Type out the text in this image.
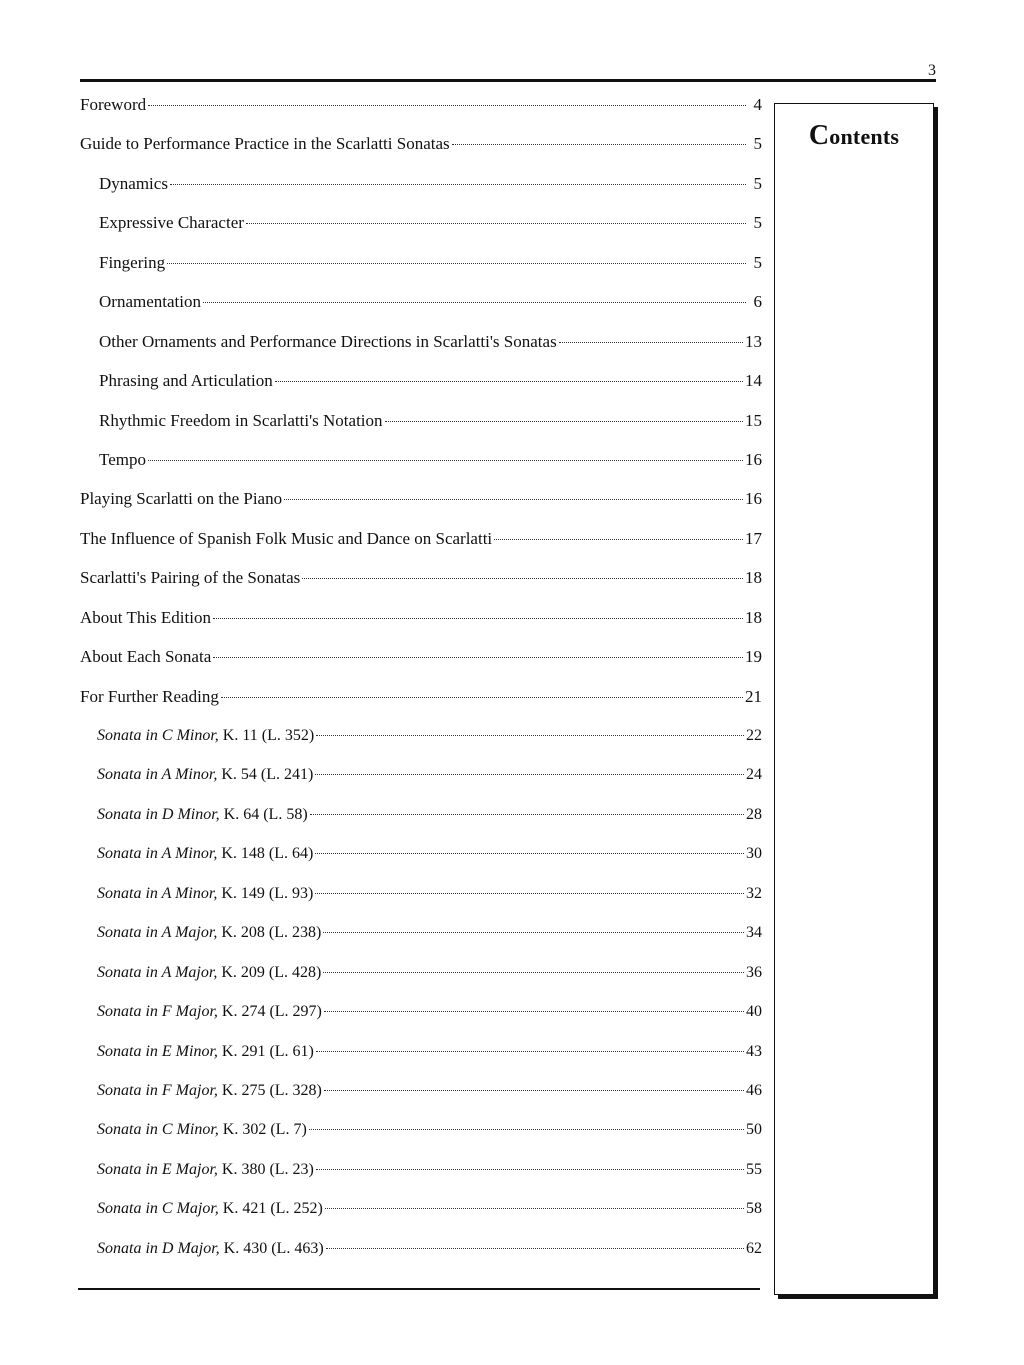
3
Contents
Foreword	4
Guide to Performance Practice in the Scarlatti Sonatas	5
Dynamics	5
Expressive Character	5
Fingering	5
Ornamentation	6
Other Ornaments and Performance Directions in Scarlatti's Sonatas	13
Phrasing and Articulation	14
Rhythmic Freedom in Scarlatti's Notation	15
Tempo	16
Playing Scarlatti on the Piano	16
The Influence of Spanish Folk Music and Dance on Scarlatti	17
Scarlatti's Pairing of the Sonatas	18
About This Edition	18
About Each Sonata	19
For Further Reading	21
Sonata in C Minor, K. 11 (L. 352)	22
Sonata in A Minor, K. 54 (L. 241)	24
Sonata in D Minor, K. 64 (L. 58)	28
Sonata in A Minor, K. 148 (L. 64)	30
Sonata in A Minor, K. 149 (L. 93)	32
Sonata in A Major, K. 208 (L. 238)	34
Sonata in A Major, K. 209 (L. 428)	36
Sonata in F Major, K. 274 (L. 297)	40
Sonata in E Minor, K. 291 (L. 61)	43
Sonata in F Major, K. 275 (L. 328)	46
Sonata in C Minor, K. 302 (L. 7)	50
Sonata in E Major, K. 380 (L. 23)	55
Sonata in C Major, K. 421 (L. 252)	58
Sonata in D Major, K. 430 (L. 463)	62
